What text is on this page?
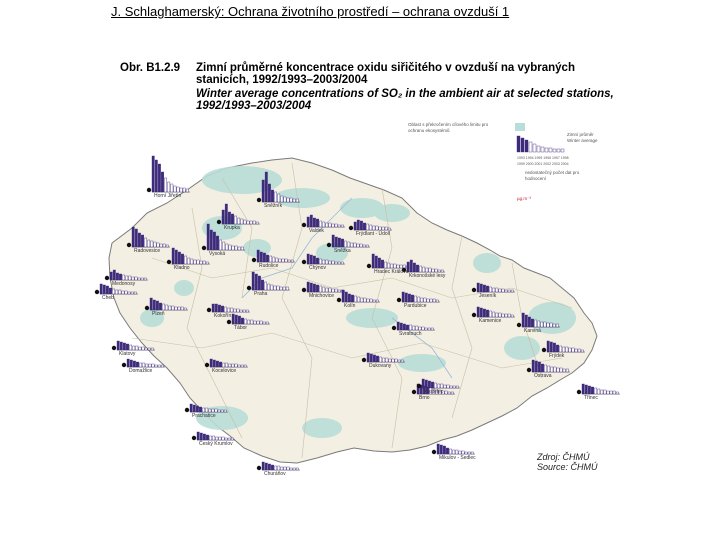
J. Schlaghamerský: Ochrana životního prostředí – ochrana ovzduší 1
Obr. B1.2.9 Zimní průměrné koncentrace oxidu siřičitého v ovzduší na vybraných stanicích, 1992/1993–2003/2004
Winter average concentrations of SO₂ in the ambient air at selected stations, 1992/1993–2003/2004
Oblast s překročením cílového limitu pro ochranu ekosystémů
Zimní průměr
Winter average
1993 1994 1995 1996 1997 1998 1999 2000 2001 2002 2003 2004
nedostatečný počet dat pro hodnocení
µg.m⁻³
Horní Jiřetín
Sněžník
Krupka	Valdek	Frýdlant - Údolí
Vysoká
Radovesice	Sněžka
Medonosy
Kladno	Rudolice	Chýnov
Hradec Králové
Krkonošské lesy
Cheb
Praha	Mnichovice
Plzeň
Kolín
Kokořín
Pardubice
Jeseník
Klatovy
Tábor
Svratouch	Karviná
Kamenice
Domažlice
Dukovany
Ostrava
Prachatice
Kostelec
Brno
Kocelovice
Český Krumlov
Mikulov - Sedlec
Třinec
Frýdek
Churáňov
Zdroj: ČHMÚ
Source: ČHMÚ
